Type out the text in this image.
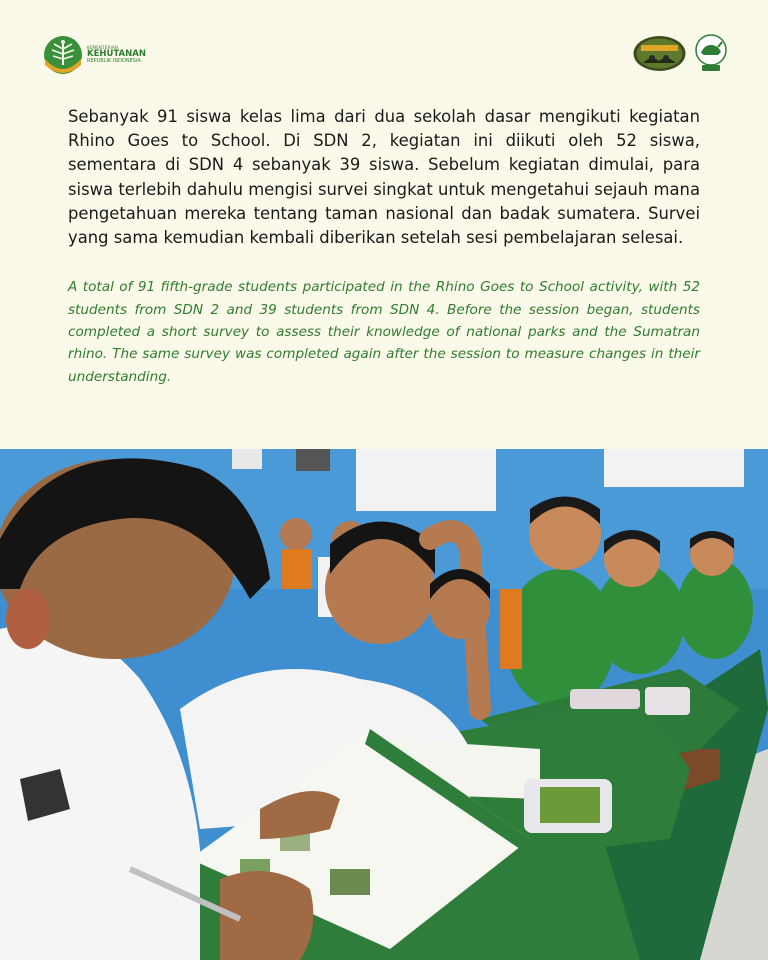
KEMENTERIAN
KEHUTANAN
REPUBLIK INDONESIA

Sebanyak 91 siswa kelas lima dari dua sekolah dasar mengikuti kegiatan Rhino Goes to School. Di SDN 2, kegiatan ini diikuti oleh 52 siswa, sementara di SDN 4 sebanyak 39 siswa. Sebelum kegiatan dimulai, para siswa terlebih dahulu mengisi survei singkat untuk mengetahui sejauh mana pengetahuan mereka tentang taman nasional dan badak sumatera. Survei yang sama kemudian kembali diberikan setelah sesi pembelajaran selesai.

A total of 91 fifth-grade students participated in the Rhino Goes to School activity, with 52 students from SDN 2 and 39 students from SDN 4. Before the session began, students completed a short survey to assess their knowledge of national parks and the Sumatran rhino. The same survey was completed again after the session to measure changes in their understanding.
